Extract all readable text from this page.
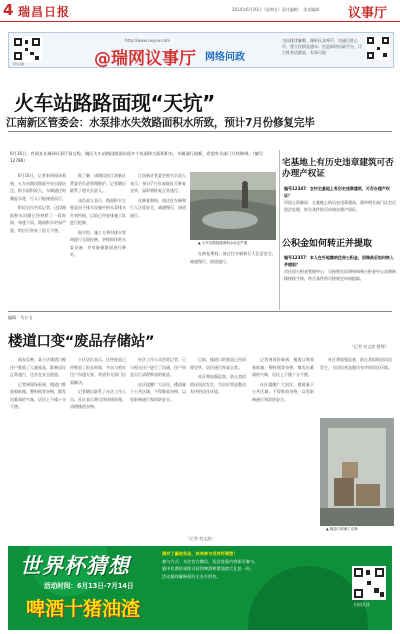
4 瑞昌日报	2014年6月20日（星期五）责任编辑： 美术编辑： 议事厅
手机扫描
http://www.rwysw.com
@瑞网议事厅 网络问政
为民排忧解难，倾听民众呼声，沟通百姓心声，建立民情直通车；打造网络问政平台，让百姓有话敢说，有事可说
火车站路路面现“天坑”
江南新区管委会：水泵排水失效路面积水所致，预计7月份修复完毕
6月16日，有网友在瑞网议事厅留言称，城区火车站路段路面出现多个坑洞和大面积积水，车辆通行困难，希望有关部门尽快修缮。（编号：12786）

6月16日，记者来到现场看到，火车站路段路面多处出现坑洼，积水面积较大，车辆通过时溅起水花，行人只能绕道而行。

附近居民告诉记者，这段路面积水问题已经持续了一段时间，每逢下雨，路面积水更加严重，给出行带来了很大不便。

据了解，该路段由江南新区管委会负责管理维护。记者随后联系了相关负责人。

该负责人表示，路面积水主要是由于排水设施中的水泵排水失效所致，目前已经安排施工队进行抢修。

据介绍，施工方将对排水管网进行全面检修，更换损坏的水泵设备，并对破损路面进行修补。

江南新区管委会相关负责人表示，预计7月份该路段可修复完毕，届时将恢复正常通行。

在修复期间，请过往车辆和行人注意安全，减速慢行，绕道通行。

在修复期间，请过往车辆和行人注意安全，减速慢行，绕道通行。

▲ 火车站路段路面积水坑洼严重
宅基地上有历史违章建筑可否办理产权证
编号12347：农村宅基地上有历史违章建筑，可否办理产权证？
市国土资源局：宅基地上的历史违章建筑，需经相关部门认定后依法处理，符合条件的可申请办理产权证。
公积金如何转正并提取
编号12357：本人在外地缴纳住房公积金，回瑞昌后如何转入并提取？
市住房公积金管理中心：可持相关证明材料到公积金中心办理转移接续手续，符合条件的可按规定申请提取。
（记者 何文波 整理）
编辑：马小飞
楼道口变“废品存储站”

网友反映，某小区楼道口被住户堆放了大量废品，影响居民正常通行，还存在安全隐患。

记者到现场看到，楼道口堆放着纸箱、塑料瓶等杂物，散发出难闻的气味，居民上下楼十分不便。

小区居民表示，这些废品已经堆放了很长时间，多次与相关住户沟通无果，希望有关部门出面解决。

记者随后联系了社区工作人员，社区表示将尽快协调处理，清理楼道杂物。

社区工作人员告诉记者，已与相关住户进行了沟通，住户同意自行清理堆放的废品。

社区提醒广大居民，楼道属于公共区域，不得堆放杂物，以免影响通行和消防安全。

目前，楼道口的废品已经清理完毕，居民通行恢复正常。

社区将加强巡查，防止类似情况再次发生，为居民营造整洁有序的居住环境。

记者到现场看到，楼道口堆放着纸箱、塑料瓶等杂物，散发出难闻的气味，居民上下楼十分不便。

社区提醒广大居民，楼道属于公共区域，不得堆放杂物，以免影响通行和消防安全。

社区将加强巡查，防止类似情况再次发生，为居民营造整洁有序的居住环境。

▲ 楼道口堆满了杂物
（记者 何文波）
世界杯猜想
活动时间：6月13日-7月14日
啤酒十猪油渣
猜对了赢取奖品，快来参与世界杯猜想！
参与方式：关注官方微信，发送竞猜内容即可参与。
猜中比赛结果即可获得啤酒和猪油渣大礼包一份。
活动最终解释权归主办方所有。
扫码关注
